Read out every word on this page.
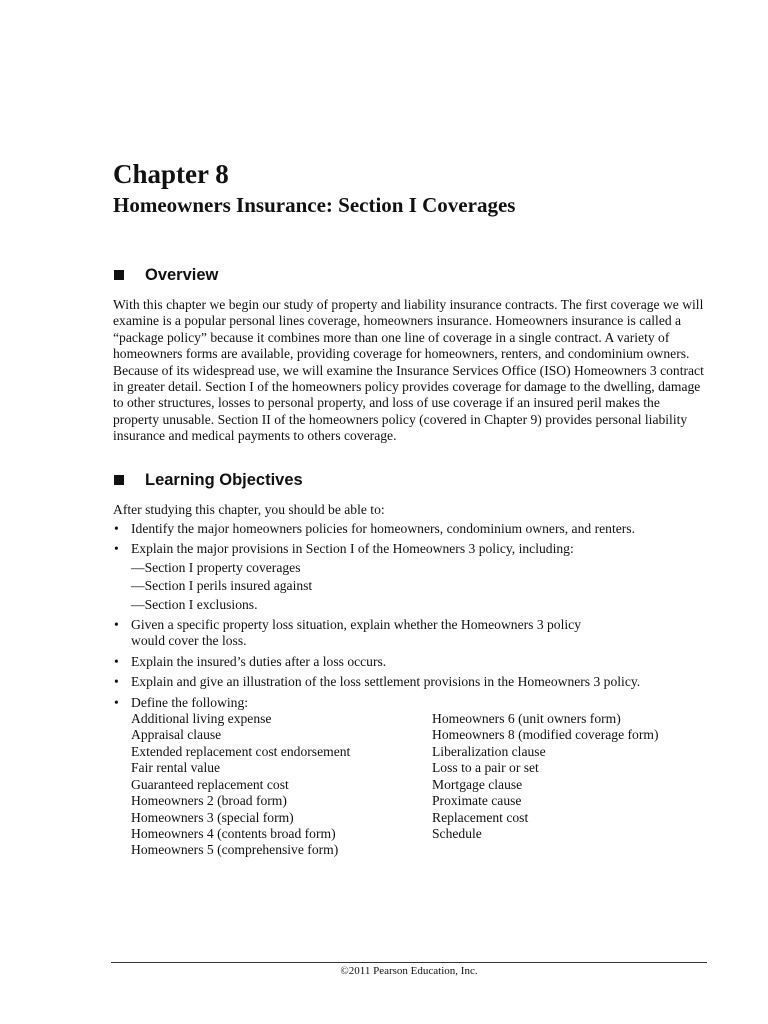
Chapter 8
Homeowners Insurance: Section I Coverages
Overview

With this chapter we begin our study of property and liability insurance contracts. The first coverage we will examine is a popular personal lines coverage, homeowners insurance. Homeowners insurance is called a “package policy” because it combines more than one line of coverage in a single contract. A variety of homeowners forms are available, providing coverage for homeowners, renters, and condominium owners. Because of its widespread use, we will examine the Insurance Services Office (ISO) Homeowners 3 contract in greater detail. Section I of the homeowners policy provides coverage for damage to the dwelling, damage to other structures, losses to personal property, and loss of use coverage if an insured peril makes the property unusable. Section II of the homeowners policy (covered in Chapter 9) provides personal liability insurance and medical payments to others coverage.

Learning Objectives

After studying this chapter, you should be able to:

• Identify the major homeowners policies for homeowners, condominium owners, and renters.
• Explain the major provisions in Section I of the Homeowners 3 policy, including:
—Section I property coverages
—Section I perils insured against
—Section I exclusions.
• Given a specific property loss situation, explain whether the Homeowners 3 policy
would cover the loss.
• Explain the insured’s duties after a loss occurs.
• Explain and give an illustration of the loss settlement provisions in the Homeowners 3 policy.
• Define the following:
Additional living expense
Appraisal clause
Extended replacement cost endorsement
Fair rental value
Guaranteed replacement cost
Homeowners 2 (broad form)
Homeowners 3 (special form)
Homeowners 4 (contents broad form)
Homeowners 5 (comprehensive form)
Homeowners 6 (unit owners form)
Homeowners 8 (modified coverage form)
Liberalization clause
Loss to a pair or set
Mortgage clause
Proximate cause
Replacement cost
Schedule
©2011 Pearson Education, Inc.
